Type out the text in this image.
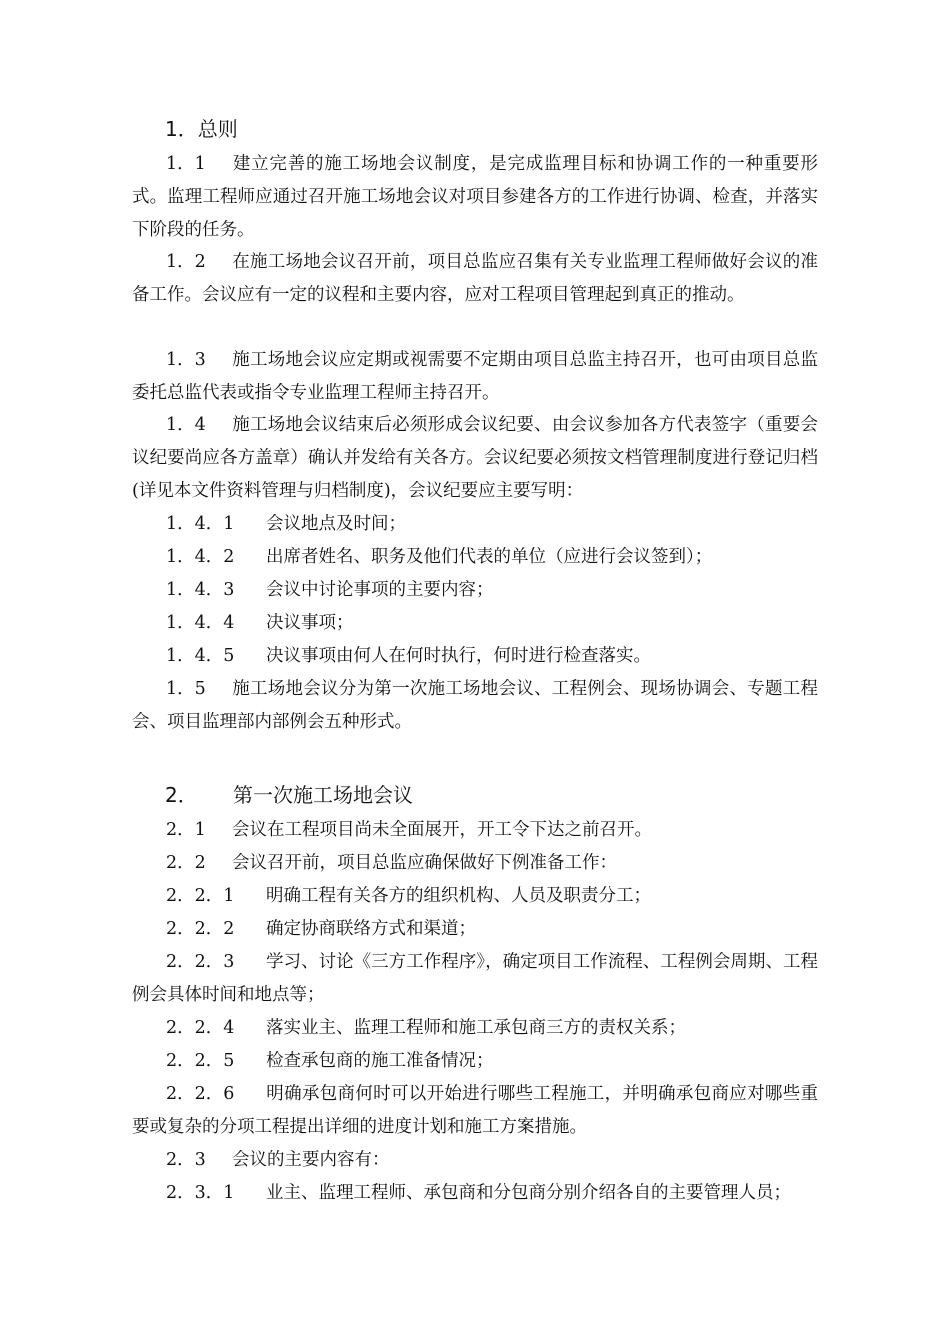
1．总则
1．1 建立完善的施工场地会议制度，是完成监理目标和协调工作的一种重要形式。监理工程师应通过召开施工场地会议对项目参建各方的工作进行协调、检查，并落实下阶段的任务。
1．2 在施工场地会议召开前，项目总监应召集有关专业监理工程师做好会议的准备工作。会议应有一定的议程和主要内容，应对工程项目管理起到真正的推动。
1．3 施工场地会议应定期或视需要不定期由项目总监主持召开，也可由项目总监委托总监代表或指令专业监理工程师主持召开。
1．4 施工场地会议结束后必须形成会议纪要、由会议参加各方代表签字（重要会议纪要尚应各方盖章）确认并发给有关各方。会议纪要必须按文档管理制度进行登记归档(详见本文件资料管理与归档制度)，会议纪要应主要写明：
1．4．1 会议地点及时间；
1．4．2 出席者姓名、职务及他们代表的单位（应进行会议签到）；
1．4．3 会议中讨论事项的主要内容；
1．4．4 决议事项；
1．4．5 决议事项由何人在何时执行，何时进行检查落实。
1．5 施工场地会议分为第一次施工场地会议、工程例会、现场协调会、专题工程会、项目监理部内部例会五种形式。
2． 第一次施工场地会议
2．1 会议在工程项目尚未全面展开，开工令下达之前召开。
2．2 会议召开前，项目总监应确保做好下例准备工作：
2．2．1 明确工程有关各方的组织机构、人员及职责分工；
2．2．2 确定协商联络方式和渠道；
2．2．3 学习、讨论《三方工作程序》，确定项目工作流程、工程例会周期、工程例会具体时间和地点等；
2．2．4 落实业主、监理工程师和施工承包商三方的责权关系；
2．2．5 检查承包商的施工准备情况；
2．2．6 明确承包商何时可以开始进行哪些工程施工，并明确承包商应对哪些重要或复杂的分项工程提出详细的进度计划和施工方案措施。
2．3 会议的主要内容有：
2．3．1 业主、监理工程师、承包商和分包商分别介绍各自的主要管理人员；
